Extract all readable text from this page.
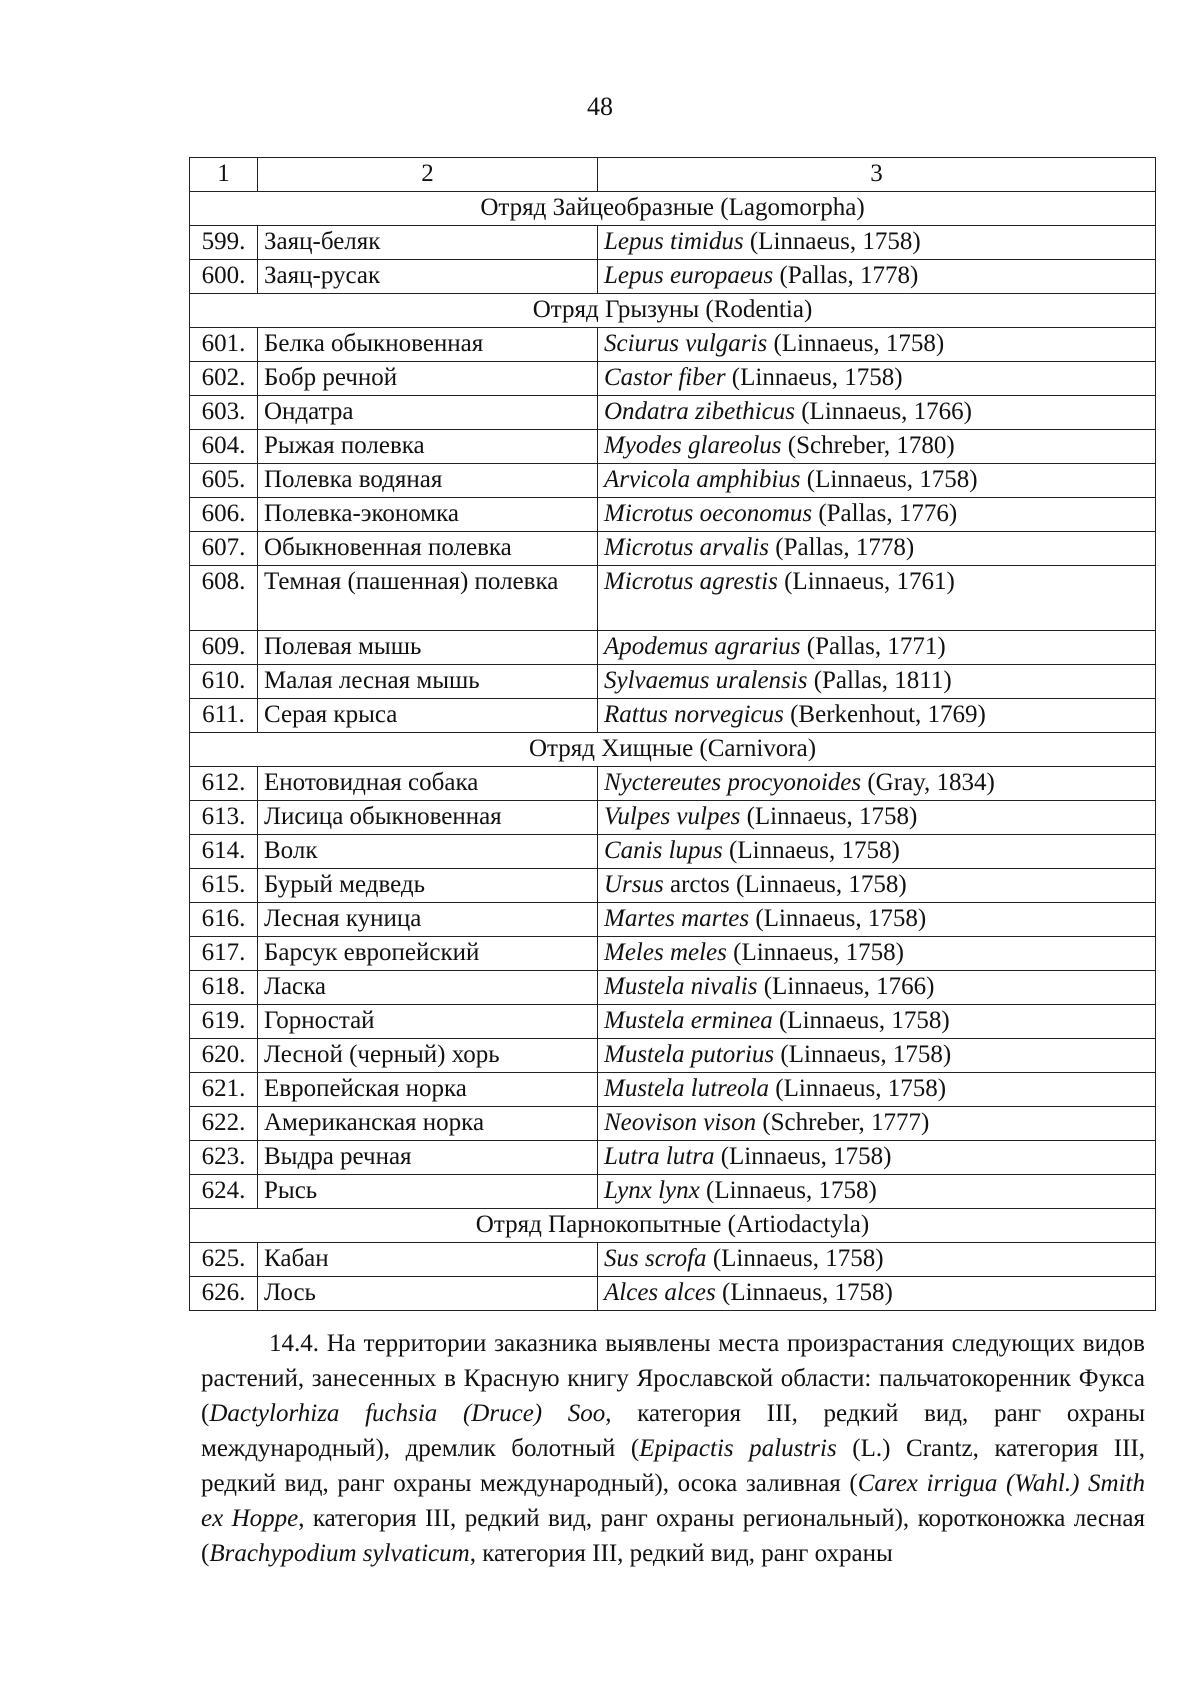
48
1	2	3
Отряд Зайцеобразные (Lagomorpha)		
599.	Заяц-беляк	Lepus timidus (Linnaeus, 1758)
600.	Заяц-русак	Lepus europaeus (Pallas, 1778)
Отряд Грызуны (Rodentia)		
601.	Белка обыкновенная	Sciurus vulgaris (Linnaeus, 1758)
602.	Бобр речной	Castor fiber (Linnaeus, 1758)
603.	Ондатра	Ondatra zibethicus (Linnaeus, 1766)
604.	Рыжая полевка	Myodes glareolus (Schreber, 1780)
605.	Полевка водяная	Arvicola amphibius (Linnaeus, 1758)
606.	Полевка-экономка	Microtus oeconomus (Pallas, 1776)
607.	Обыкновенная полевка	Microtus arvalis (Pallas, 1778)
608.	Темная (пашенная) полевка	Microtus agrestis (Linnaeus, 1761)
609.	Полевая мышь	Apodemus agrarius (Pallas, 1771)
610.	Малая лесная мышь	Sylvaemus uralensis (Pallas, 1811)
611.	Серая крыса	Rattus norvegicus (Berkenhout, 1769)
Отряд Хищные (Carnivora)		
612.	Енотовидная собака	Nyctereutes procyonoides (Gray, 1834)
613.	Лисица обыкновенная	Vulpes vulpes (Linnaeus, 1758)
614.	Волк	Canis lupus (Linnaeus, 1758)
615.	Бурый медведь	Ursus arctos (Linnaeus, 1758)
616.	Лесная куница	Martes martes (Linnaeus, 1758)
617.	Барсук европейский	Meles meles (Linnaeus, 1758)
618.	Ласка	Mustela nivalis (Linnaeus, 1766)
619.	Горностай	Mustela erminea (Linnaeus, 1758)
620.	Лесной (черный) хорь	Mustela putorius (Linnaeus, 1758)
621.	Европейская норка	Mustela lutreola (Linnaeus, 1758)
622.	Американская норка	Neovison vison (Schreber, 1777)
623.	Выдра речная	Lutra lutra (Linnaeus, 1758)
624.	Рысь	Lynx lynx (Linnaeus, 1758)
Отряд Парнокопытные (Artiodactyla)		
625.	Кабан	Sus scrofa (Linnaeus, 1758)
626.	Лось	Alces alces (Linnaeus, 1758)

14.4. На территории заказника выявлены места произрастания следующих видов растений, занесенных в Красную книгу Ярославской области: пальчатокоренник Фукса (Dactylorhiza fuchsia (Druce) Soo, категория III, редкий вид, ранг охраны международный), дремлик болотный (Epipactis palustris (L.) Crantz, категория III, редкий вид, ранг охраны международный), осока заливная (Carex irrigua (Wahl.) Smith ex Hoppe, категория III, редкий вид, ранг охраны региональный), коротконожка лесная (Brachypodium sylvaticum, категория III, редкий вид, ранг охраны
